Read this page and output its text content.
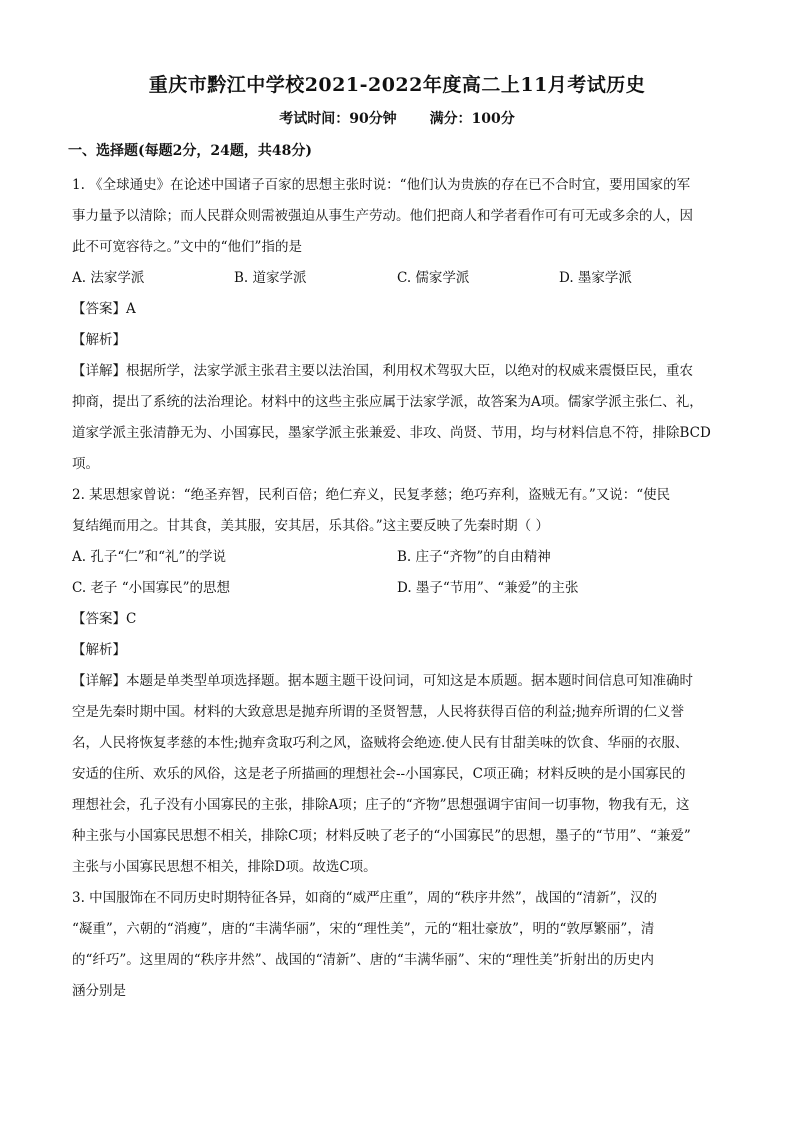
重庆市黔江中学校2021-2022年度高二上11月考试历史
考试时间：90分钟 满分：100分
一、选择题(每题2分，24题，共48分)
1. 《全球通史》在论述中国诸子百家的思想主张时说：“他们认为贵族的存在已不合时宜，要用国家的军
事力量予以清除；而人民群众则需被强迫从事生产劳动。他们把商人和学者看作可有可无或多余的人，因
此不可宽容待之。”文中的“他们”指的是
A. 法家学派	B. 道家学派	C. 儒家学派	D. 墨家学派
【答案】A
【解析】
【详解】根据所学，法家学派主张君主要以法治国，利用权术驾驭大臣，以绝对的权威来震慑臣民，重农
抑商，提出了系统的法治理论。材料中的这些主张应属于法家学派，故答案为A项。儒家学派主张仁、礼，
道家学派主张清静无为、小国寡民，墨家学派主张兼爱、非攻、尚贤、节用，均与材料信息不符，排除BCD
项。
2. 某思想家曾说：“绝圣弃智，民利百倍；绝仁弃义，民复孝慈；绝巧弃利，盗贼无有。”又说：“使民
复结绳而用之。甘其食，美其服，安其居，乐其俗。”这主要反映了先秦时期（ ）
A. 孔子“仁”和“礼”的学说	B. 庄子“齐物”的自由精神
C. 老子 “小国寡民”的思想	D. 墨子“节用”、“兼爱”的主张
【答案】C
【解析】
【详解】本题是单类型单项选择题。据本题主题干设问词，可知这是本质题。据本题时间信息可知准确时
空是先秦时期中国。材料的大致意思是抛弃所谓的圣贤智慧，人民将获得百倍的利益;抛弃所谓的仁义誉
名，人民将恢复孝慈的本性;抛弃贪取巧利之风，盗贼将会绝迹.使人民有甘甜美味的饮食、华丽的衣服、
安适的住所、欢乐的风俗，这是老子所描画的理想社会--小国寡民，C项正确；材料反映的是小国寡民的
理想社会，孔子没有小国寡民的主张，排除A项；庄子的“齐物”思想强调宇宙间一切事物，物我有无，这
种主张与小国寡民思想不相关，排除C项；材料反映了老子的“小国寡民”的思想，墨子的“节用”、“兼爱”
主张与小国寡民思想不相关，排除D项。故选C项。
3. 中国服饰在不同历史时期特征各异，如商的“威严庄重”，周的“秩序井然”，战国的“清新”，汉的
“凝重”，六朝的“消瘦”，唐的“丰满华丽”，宋的“理性美”，元的“粗壮豪放”，明的“敦厚繁丽”，清
的“纤巧”。这里周的“秩序井然”、战国的“清新”、唐的“丰满华丽”、宋的“理性美”折射出的历史内
涵分别是
